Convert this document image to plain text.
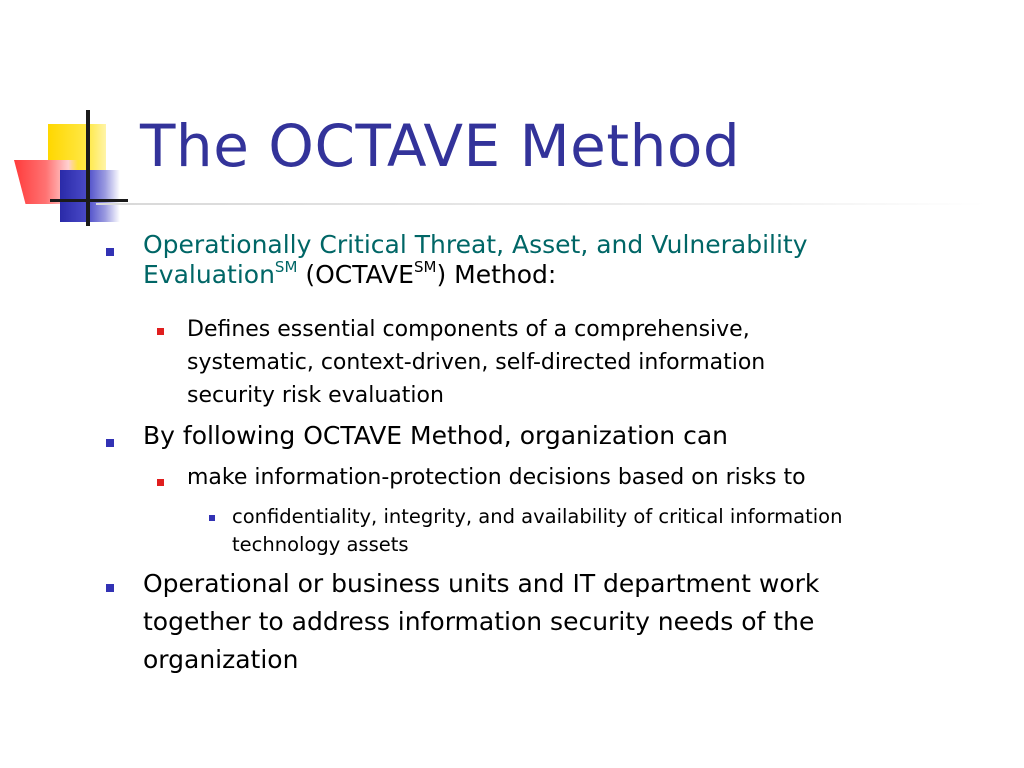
The OCTAVE Method
Operationally Critical Threat, Asset, and Vulnerability
Evaluation℠ (OCTAVE℠) Method:
Defines essential components of a comprehensive,
systematic, context-driven, self-directed information
security risk evaluation
By following OCTAVE Method, organization can
make information-protection decisions based on risks to
confidentiality, integrity, and availability of critical information
technology assets
Operational or business units and IT department work
together to address information security needs of the
organization
